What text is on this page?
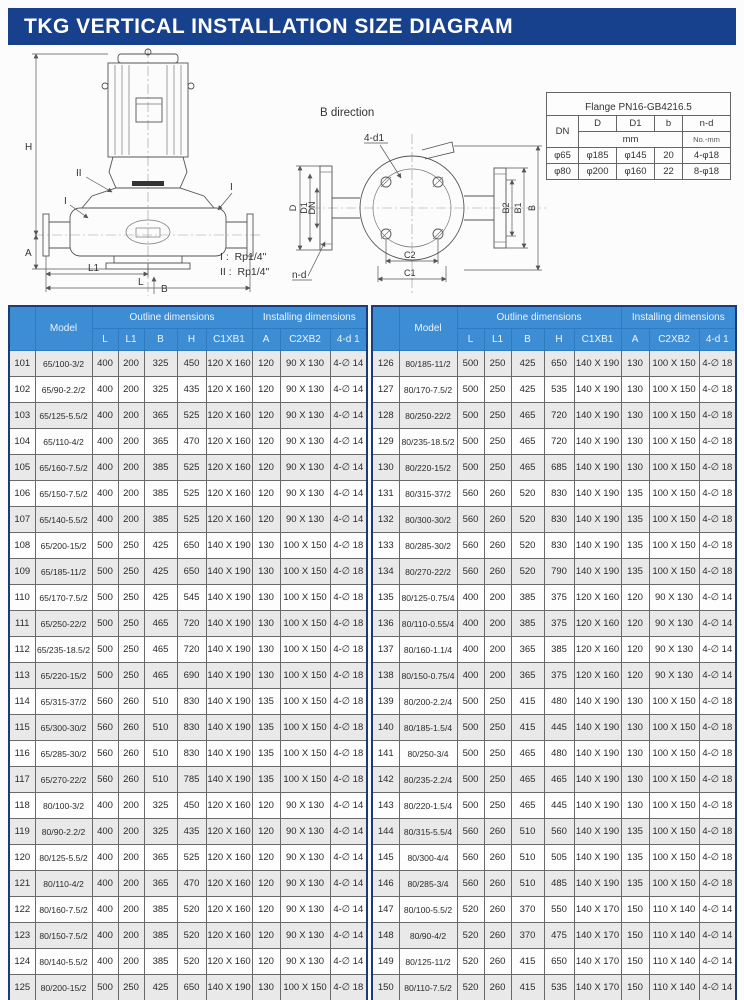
TKG VERTICAL INSTALLATION SIZE DIAGRAM
H
A
II
I
I
L1
B
L
B direction
4-d1
D D1
DN
n-d
B2 B1 B
C2
C1
I :  Rp1/4"
II :  Rp1/4"
Flange PN16-GB4216.5				
DN	D	D1	b	n-d
	mm			No.-mm
φ65	φ185	φ145	20	4-φ18
φ80	φ200	φ160	22	8-φ18
	Model	Outline dimensions					Installing dimensions		
		L	L1	B	H	C1XB1	A	C2XB2	4-d 1
101	65/100-3/2	400	200	325	450	120 X 160	120	90 X 130	4-∅ 14
102	65/90-2.2/2	400	200	325	435	120 X 160	120	90 X 130	4-∅ 14
103	65/125-5.5/2	400	200	365	525	120 X 160	120	90 X 130	4-∅ 14
104	65/110-4/2	400	200	365	470	120 X 160	120	90 X 130	4-∅ 14
105	65/160-7.5/2	400	200	385	525	120 X 160	120	90 X 130	4-∅ 14
106	65/150-7.5/2	400	200	385	525	120 X 160	120	90 X 130	4-∅ 14
107	65/140-5.5/2	400	200	385	525	120 X 160	120	90 X 130	4-∅ 14
108	65/200-15/2	500	250	425	650	140 X 190	130	100 X 150	4-∅ 18
109	65/185-11/2	500	250	425	650	140 X 190	130	100 X 150	4-∅ 18
110	65/170-7.5/2	500	250	425	545	140 X 190	130	100 X 150	4-∅ 18
111	65/250-22/2	500	250	465	720	140 X 190	130	100 X 150	4-∅ 18
112	65/235-18.5/2	500	250	465	720	140 X 190	130	100 X 150	4-∅ 18
113	65/220-15/2	500	250	465	690	140 X 190	130	100 X 150	4-∅ 18
114	65/315-37/2	560	260	510	830	140 X 190	135	100 X 150	4-∅ 18
115	65/300-30/2	560	260	510	830	140 X 190	135	100 X 150	4-∅ 18
116	65/285-30/2	560	260	510	830	140 X 190	135	100 X 150	4-∅ 18
117	65/270-22/2	560	260	510	785	140 X 190	135	100 X 150	4-∅ 18
118	80/100-3/2	400	200	325	450	120 X 160	120	90 X 130	4-∅ 14
119	80/90-2.2/2	400	200	325	435	120 X 160	120	90 X 130	4-∅ 14
120	80/125-5.5/2	400	200	365	525	120 X 160	120	90 X 130	4-∅ 14
121	80/110-4/2	400	200	365	470	120 X 160	120	90 X 130	4-∅ 14
122	80/160-7.5/2	400	200	385	520	120 X 160	120	90 X 130	4-∅ 14
123	80/150-7.5/2	400	200	385	520	120 X 160	120	90 X 130	4-∅ 14
124	80/140-5.5/2	400	200	385	520	120 X 160	120	90 X 130	4-∅ 14
125	80/200-15/2	500	250	425	650	140 X 190	130	100 X 150	4-∅ 18
	Model	Outline dimensions					Installing dimensions		
		L	L1	B	H	C1XB1	A	C2XB2	4-d 1
126	80/185-11/2	500	250	425	650	140 X 190	130	100 X 150	4-∅ 18
127	80/170-7.5/2	500	250	425	535	140 X 190	130	100 X 150	4-∅ 18
128	80/250-22/2	500	250	465	720	140 X 190	130	100 X 150	4-∅ 18
129	80/235-18.5/2	500	250	465	720	140 X 190	130	100 X 150	4-∅ 18
130	80/220-15/2	500	250	465	685	140 X 190	130	100 X 150	4-∅ 18
131	80/315-37/2	560	260	520	830	140 X 190	135	100 X 150	4-∅ 18
132	80/300-30/2	560	260	520	830	140 X 190	135	100 X 150	4-∅ 18
133	80/285-30/2	560	260	520	830	140 X 190	135	100 X 150	4-∅ 18
134	80/270-22/2	560	260	520	790	140 X 190	135	100 X 150	4-∅ 18
135	80/125-0.75/4	400	200	385	375	120 X 160	120	90 X 130	4-∅ 14
136	80/110-0.55/4	400	200	385	375	120 X 160	120	90 X 130	4-∅ 14
137	80/160-1.1/4	400	200	365	385	120 X 160	120	90 X 130	4-∅ 14
138	80/150-0.75/4	400	200	365	375	120 X 160	120	90 X 130	4-∅ 14
139	80/200-2.2/4	500	250	415	480	140 X 190	130	100 X 150	4-∅ 18
140	80/185-1.5/4	500	250	415	445	140 X 190	130	100 X 150	4-∅ 18
141	80/250-3/4	500	250	465	480	140 X 190	130	100 X 150	4-∅ 18
142	80/235-2.2/4	500	250	465	465	140 X 190	130	100 X 150	4-∅ 18
143	80/220-1.5/4	500	250	465	445	140 X 190	130	100 X 150	4-∅ 18
144	80/315-5.5/4	560	260	510	560	140 X 190	135	100 X 150	4-∅ 18
145	80/300-4/4	560	260	510	505	140 X 190	135	100 X 150	4-∅ 18
146	80/285-3/4	560	260	510	485	140 X 190	135	100 X 150	4-∅ 18
147	80/100-5.5/2	520	260	370	550	140 X 170	150	110 X 140	4-∅ 14
148	80/90-4/2	520	260	370	475	140 X 170	150	110 X 140	4-∅ 14
149	80/125-11/2	520	260	415	650	140 X 170	150	110 X 140	4-∅ 14
150	80/110-7.5/2	520	260	415	535	140 X 170	150	110 X 140	4-∅ 14
